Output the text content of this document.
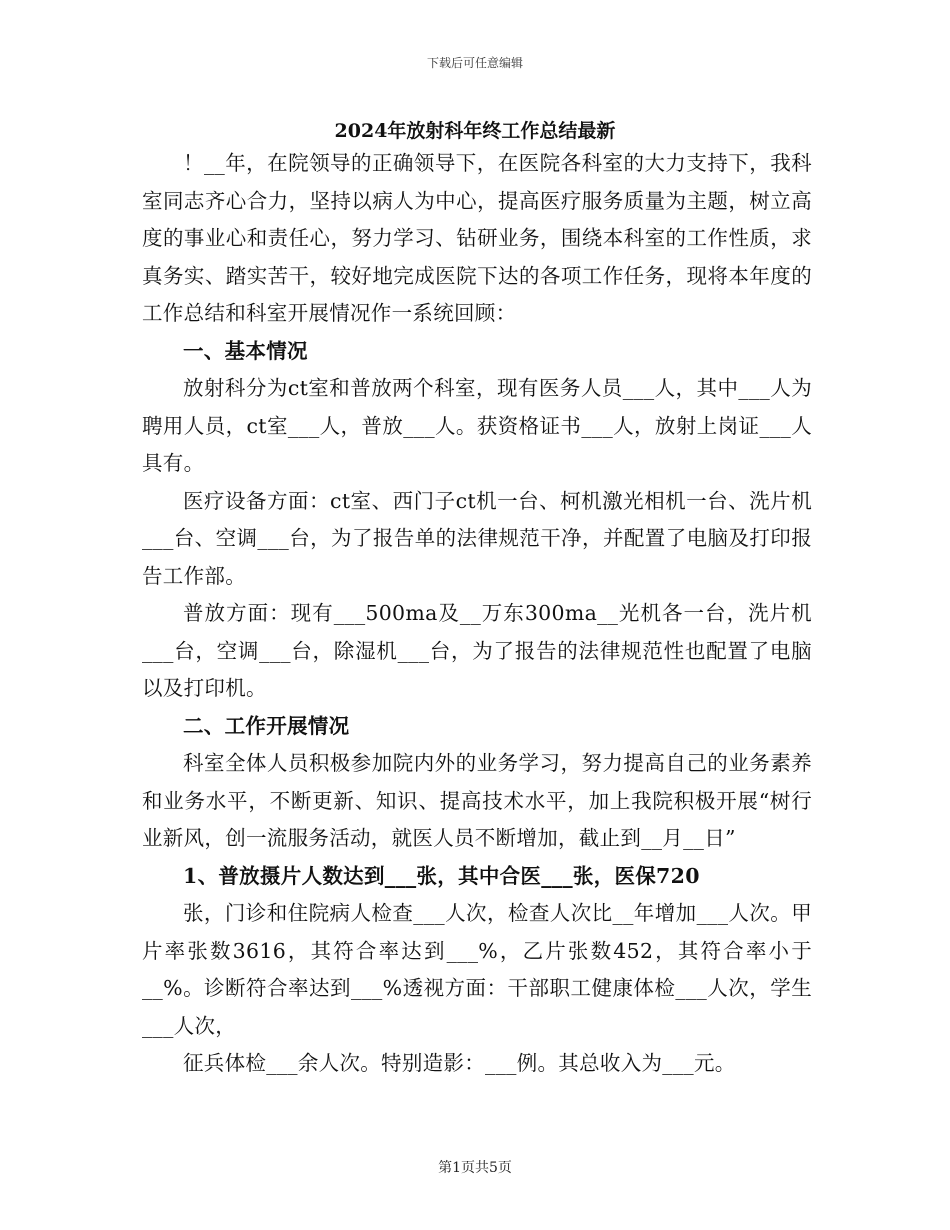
下载后可任意编辑
2024年放射科年终工作总结最新

！__年，在院领导的正确领导下，在医院各科室的大力支持下，我科室同志齐心合力，坚持以病人为中心，提高医疗服务质量为主题，树立高度的事业心和责任心，努力学习、钻研业务，围绕本科室的工作性质，求真务实、踏实苦干，较好地完成医院下达的各项工作任务，现将本年度的工作总结和科室开展情况作一系统回顾：

一、基本情况

放射科分为ct室和普放两个科室，现有医务人员___人，其中___人为聘用人员，ct室___人，普放___人。获资格证书___人，放射上岗证___人具有。

医疗设备方面：ct室、西门子ct机一台、柯机激光相机一台、洗片机___台、空调___台，为了报告单的法律规范干净，并配置了电脑及打印报告工作部。

普放方面：现有___500ma及__万东300ma__光机各一台，洗片机___台，空调___台，除湿机___台，为了报告的法律规范性也配置了电脑以及打印机。

二、工作开展情况

科室全体人员积极参加院内外的业务学习，努力提高自己的业务素养和业务水平，不断更新、知识、提高技术水平，加上我院积极开展“树行业新风，创一流服务活动，就医人员不断增加，截止到__月__日”

1、普放摄片人数达到___张，其中合医___张，医保720

张，门诊和住院病人检查___人次，检查人次比__年增加___人次。甲片率张数3616，其符合率达到___%，乙片张数452，其符合率小于__%。诊断符合率达到___%透视方面：干部职工健康体检___人次，学生___人次，

征兵体检___余人次。特别造影：___例。其总收入为___元。

第1页共5页
